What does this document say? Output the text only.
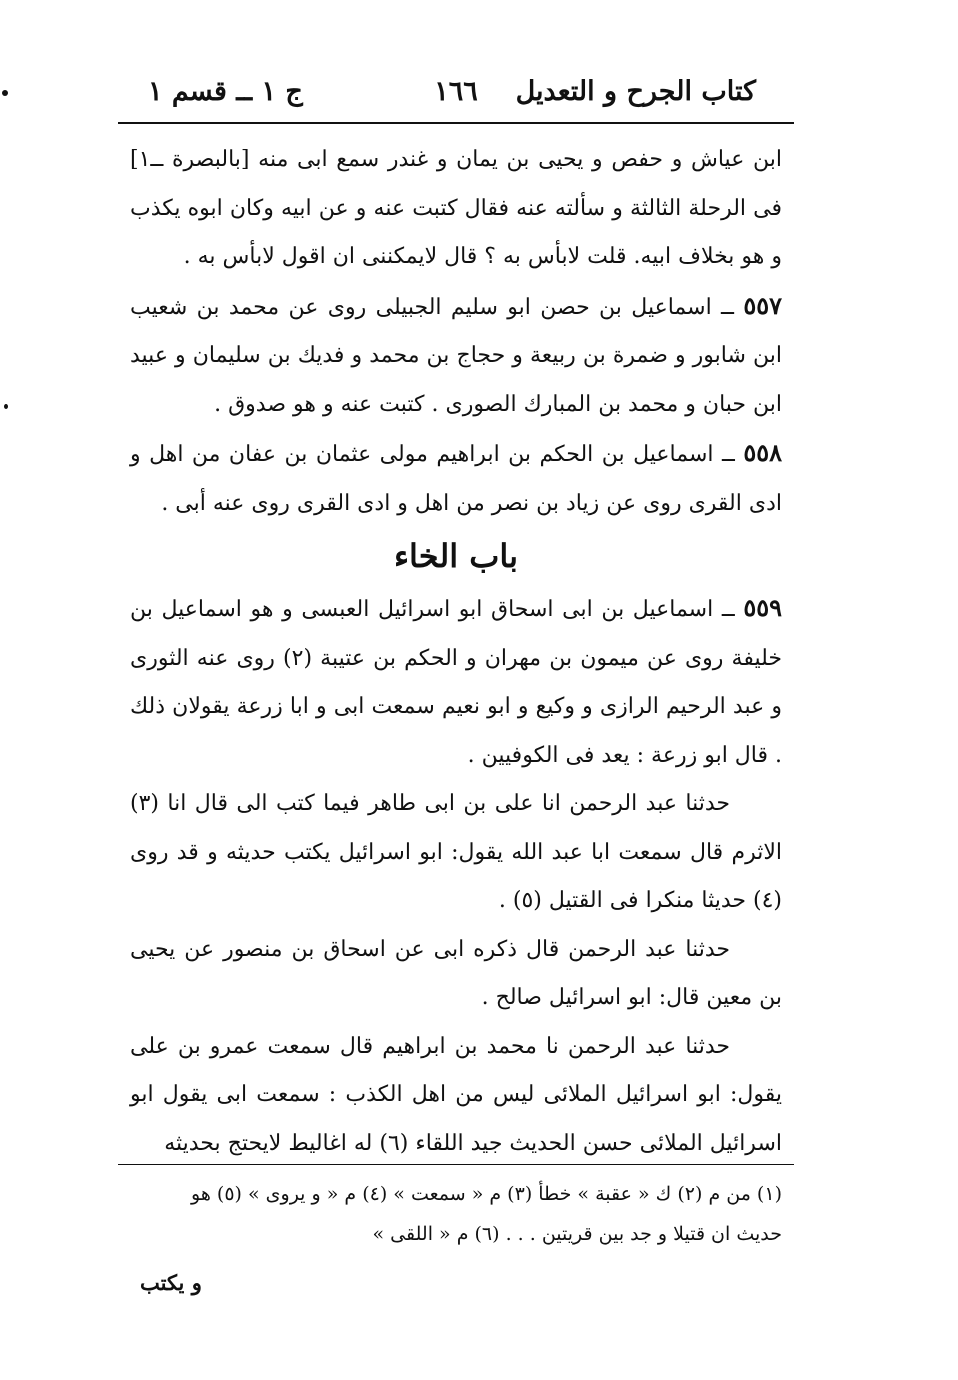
كتاب الجرح و التعديل
١٦٦
ج ١ ــ قسم ١

ابن عياش و حفص و يحيى بن يمان و غندر سمع ابى منه [بالبصرة ــ١] فى الرحلة الثالثة و سألته عنه فقال كتبت عنه و عن ابيه وكان ابوه يكذب و هو بخلاف ابيه. قلت لابأس به ؟ قال لايمكننى ان اقول لابأس به .

٥٥٧ ــ اسماعيل بن حصن ابو سليم الجبيلى روى عن محمد بن شعيب ابن شابور و ضمرة بن ربيعة و حجاج بن محمد و فديك بن سليمان و عبيد ابن حبان و محمد بن المبارك الصورى . كتبت عنه و هو صدوق .

٥٥٨ ــ اسماعيل بن الحكم بن ابراهيم مولى عثمان بن عفان من اهل و ادى القرى روى عن زياد بن نصر من اهل و ادى القرى روى عنه أبى .

باب الخاء

٥٥٩ ــ اسماعيل بن ابى اسحاق ابو اسرائيل العبسى و هو اسماعيل بن خليفة روى عن ميمون بن مهران و الحكم بن عتيبة (٢) روى عنه الثورى و عبد الرحيم الرازى و وكيع و ابو نعيم سمعت ابى و ابا زرعة يقولان ذلك . قال ابو زرعة : يعد فى الكوفيين .

حدثنا عبد الرحمن انا على بن ابى طاهر فيما كتب الى قال انا (٣) الاثرم قال سمعت ابا عبد الله يقول: ابو اسرائيل يكتب حديثه و قد روى (٤) حديثا منكرا فى القتيل (٥) .

حدثنا عبد الرحمن قال ذكره ابى عن اسحاق بن منصور عن يحيى بن معين قال: ابو اسرائيل صالح .

حدثنا عبد الرحمن نا محمد بن ابراهيم قال سمعت عمرو بن على يقول: ابو اسرائيل الملائى ليس من اهل الكذب : سمعت ابى يقول ابو اسرائيل الملائى حسن الحديث جيد اللقاء (٦) له اغاليط لايحتج بحديثه

(١) من م (٢) ك « عقبة » خطأ (٣) م « سمعت » (٤) م « و يروى » (٥) هو

حديث ان قتيلا و جد بين قريتين . . . (٦) م « اللقى »

و يكتب
